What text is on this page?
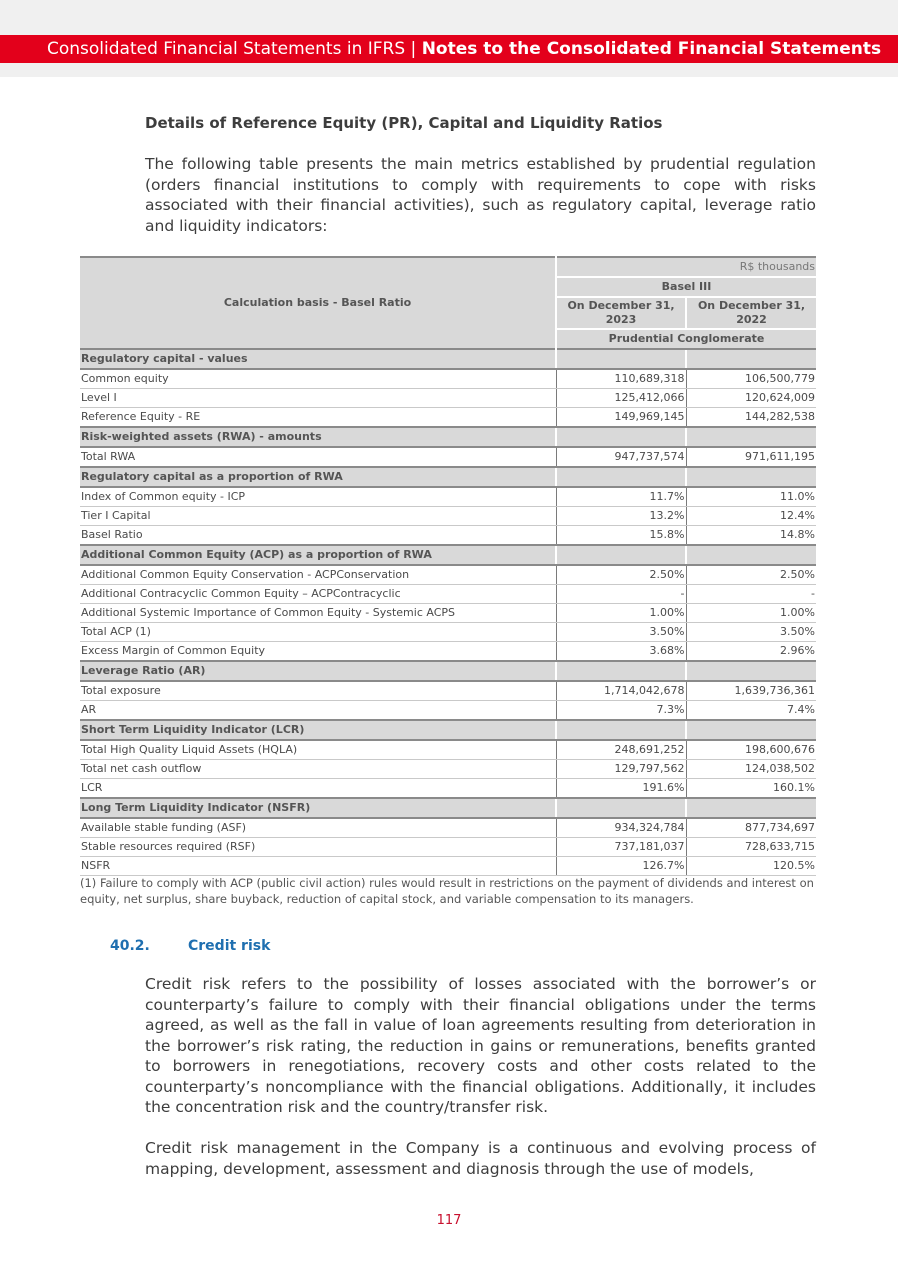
Consolidated Financial Statements in IFRS | Notes to the Consolidated Financial Statements
Details of Reference Equity (PR), Capital and Liquidity Ratios
The following table presents the main metrics established by prudential regulation (orders financial institutions to comply with requirements to cope with risks associated with their financial activities), such as regulatory capital, leverage ratio and liquidity indicators:
Calculation basis - Basel Ratio	R$ thousands	
	Basel III	
	On December 31, 2023	On December 31, 2022
	Prudential Conglomerate	
Regulatory capital - values		
Common equity	110,689,318	106,500,779
Level I	125,412,066	120,624,009
Reference Equity - RE	149,969,145	144,282,538
Risk-weighted assets (RWA) - amounts		
Total RWA	947,737,574	971,611,195
Regulatory capital as a proportion of RWA		
Index of Common equity - ICP	11.7%	11.0%
Tier I Capital	13.2%	12.4%
Basel Ratio	15.8%	14.8%
Additional Common Equity (ACP) as a proportion of RWA		
Additional Common Equity Conservation - ACPConservation	2.50%	2.50%
Additional Contracyclic Common Equity – ACPContracyclic	-	-
Additional Systemic Importance of Common Equity - Systemic ACPS	1.00%	1.00%
Total ACP (1)	3.50%	3.50%
Excess Margin of Common Equity	3.68%	2.96%
Leverage Ratio (AR)		
Total exposure	1,714,042,678	1,639,736,361
AR	7.3%	7.4%
Short Term Liquidity Indicator (LCR)		
Total High Quality Liquid Assets (HQLA)	248,691,252	198,600,676
Total net cash outflow	129,797,562	124,038,502
LCR	191.6%	160.1%
Long Term Liquidity Indicator (NSFR)		
Available stable funding (ASF)	934,324,784	877,734,697
Stable resources required (RSF)	737,181,037	728,633,715
NSFR	126.7%	120.5%
(1) Failure to comply with ACP (public civil action) rules would result in restrictions on the payment of dividends and interest on equity, net surplus, share buyback, reduction of capital stock, and variable compensation to its managers.
40.2.	Credit risk
Credit risk refers to the possibility of losses associated with the borrower’s or counterparty’s failure to comply with their financial obligations under the terms agreed, as well as the fall in value of loan agreements resulting from deterioration in the borrower’s risk rating, the reduction in gains or remunerations, benefits granted to borrowers in renegotiations, recovery costs and other costs related to the counterparty’s noncompliance with the financial obligations. Additionally, it includes the concentration risk and the country/transfer risk.
Credit risk management in the Company is a continuous and evolving process of mapping, development, assessment and diagnosis through the use of models,
117
